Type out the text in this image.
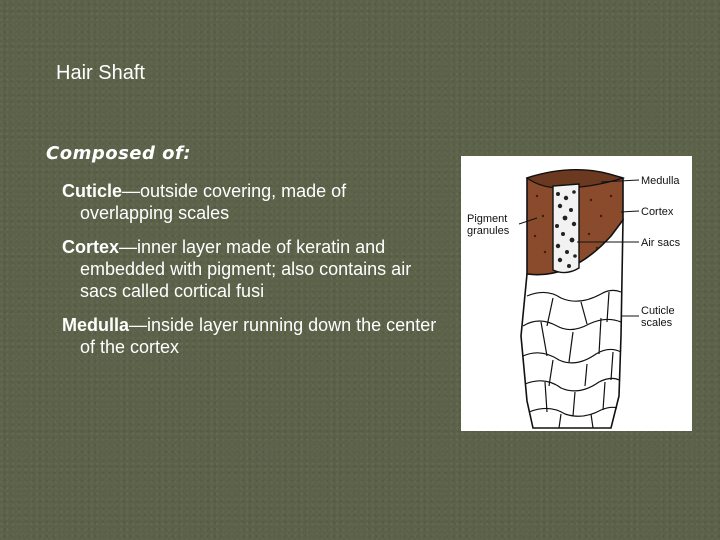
Hair Shaft
Composed of:
Cuticle—outside covering, made of overlapping scales
Cortex—inner layer made of keratin and embedded with pigment; also contains air sacs called cortical fusi
Medulla—inside layer running down the center of the cortex
Medulla
Cortex
Air sacs
Cuticle
scales
Pigment
granules
